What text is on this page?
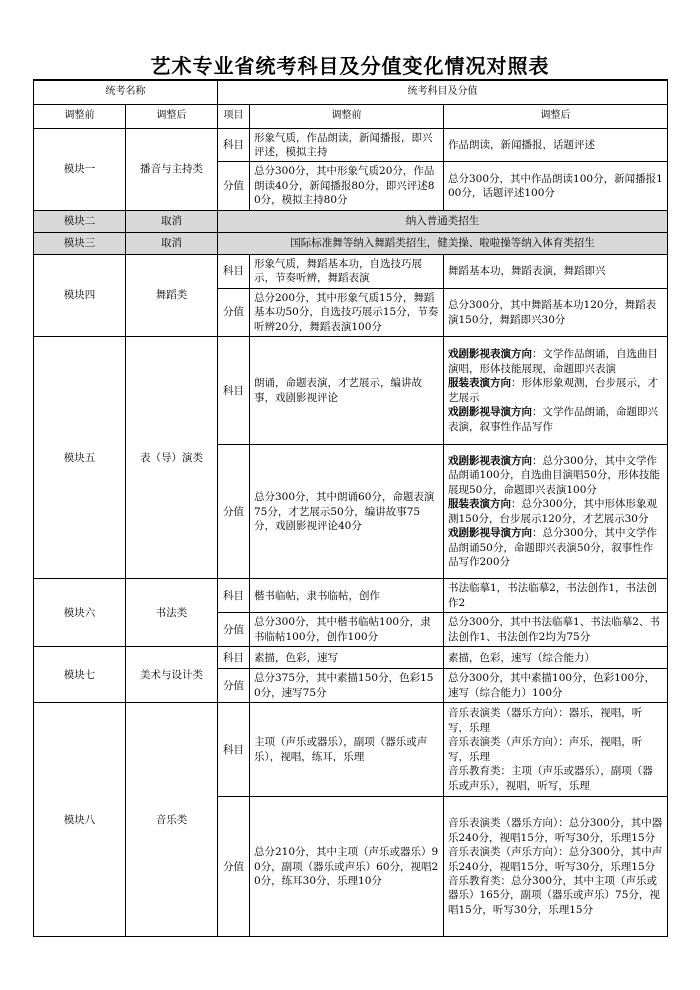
艺术专业省统考科目及分值变化情况对照表
统考名称		统考科目及分值		
调整前	调整后	项目	调整前	调整后
模块一	播音与主持类	科目	形象气质，作品朗读，新闻播报，即兴评述，模拟主持	作品朗读，新闻播报，话题评述
		分值	总分300分，其中形象气质20分，作品朗读40分，新闻播报80分，即兴评述80分，模拟主持80分	总分300分，其中作品朗读100分，新闻播报100分，话题评述100分
模块二	取消	纳入普通类招生		
模块三	取消	国际标准舞等纳入舞蹈类招生，健美操、啦啦操等纳入体育类招生		
模块四	舞蹈类	科目	形象气质，舞蹈基本功，自选技巧展示，节奏听辨，舞蹈表演	舞蹈基本功，舞蹈表演，舞蹈即兴
		分值	总分200分，其中形象气质15分，舞蹈基本功50分，自选技巧展示15分，节奏听辨20分，舞蹈表演100分	总分300分，其中舞蹈基本功120分，舞蹈表演150分，舞蹈即兴30分
模块五	表（导）演类	科目	朗诵，命题表演，才艺展示，编讲故事，戏剧影视评论	戏剧影视表演方向：文学作品朗诵，自选曲目演唱，形体技能展现，命题即兴表演
服装表演方向：形体形象观测，台步展示，才艺展示
戏剧影视导演方向：文学作品朗诵，命题即兴表演，叙事性作品写作
		分值	总分300分，其中朗诵60分，命题表演75分，才艺展示50分，编讲故事75分，戏剧影视评论40分	戏剧影视表演方向：总分300分，其中文学作品朗诵100分，自选曲目演唱50分，形体技能展现50分，命题即兴表演100分
服装表演方向：总分300分，其中形体形象观测150分，台步展示120分，才艺展示30分
戏剧影视导演方向：总分300分，其中文学作品朗诵50分，命题即兴表演50分，叙事性作品写作200分
模块六	书法类	科目	楷书临帖，隶书临帖，创作	书法临摹1，书法临摹2，书法创作1，书法创作2
		分值	总分300分，其中楷书临帖100分，隶书临帖100分，创作100分	总分300分，其中书法临摹1、书法临摹2、书法创作1、书法创作2均为75分
模块七	美术与设计类	科目	素描，色彩，速写	素描，色彩，速写（综合能力）
		分值	总分375分，其中素描150分，色彩150分，速写75分	总分300分，其中素描100分，色彩100分，速写（综合能力）100分
模块八	音乐类	科目	主项（声乐或器乐），副项（器乐或声乐），视唱，练耳，乐理	音乐表演类（器乐方向）：器乐，视唱，听写，乐理
音乐表演类（声乐方向）：声乐，视唱，听写，乐理
音乐教育类：主项（声乐或器乐），副项（器乐或声乐），视唱，听写，乐理

		分值	总分210分，其中主项（声乐或器乐）90分，副项（器乐或声乐）60分，视唱20分，练耳30分，乐理10分	音乐表演类（器乐方向）：总分300分，其中器乐240分，视唱15分，听写30分，乐理15分
音乐表演类（声乐方向）：总分300分，其中声乐240分，视唱15分，听写30分，乐理15分
音乐教育类：总分300分，其中主项（声乐或器乐）165分，副项（器乐或声乐）75分，视唱15分，听写30分，乐理15分
